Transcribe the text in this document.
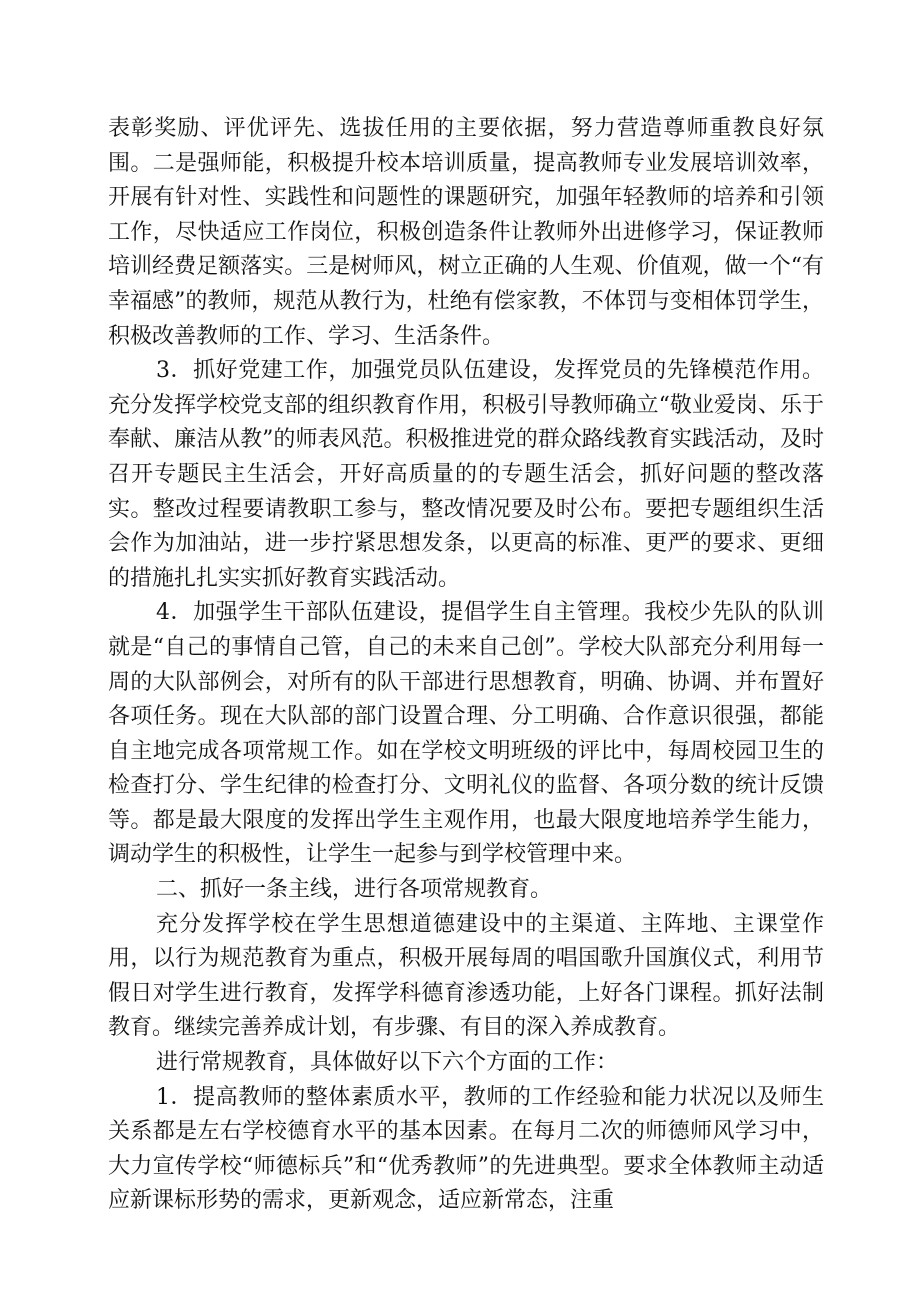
表彰奖励、评优评先、选拔任用的主要依据，努力营造尊师重教良好氛围。二是强师能，积极提升校本培训质量，提高教师专业发展培训效率，开展有针对性、实践性和问题性的课题研究，加强年轻教师的培养和引领工作，尽快适应工作岗位，积极创造条件让教师外出进修学习，保证教师培训经费足额落实。三是树师风，树立正确的人生观、价值观，做一个“有幸福感”的教师，规范从教行为，杜绝有偿家教，不体罚与变相体罚学生，积极改善教师的工作、学习、生活条件。

3．抓好党建工作，加强党员队伍建设，发挥党员的先锋模范作用。充分发挥学校党支部的组织教育作用，积极引导教师确立“敬业爱岗、乐于奉献、廉洁从教”的师表风范。积极推进党的群众路线教育实践活动，及时召开专题民主生活会，开好高质量的的专题生活会，抓好问题的整改落实。整改过程要请教职工参与，整改情况要及时公布。要把专题组织生活会作为加油站，进一步拧紧思想发条，以更高的标准、更严的要求、更细的措施扎扎实实抓好教育实践活动。

4．加强学生干部队伍建设，提倡学生自主管理。我校少先队的队训就是“自己的事情自己管，自己的未来自己创”。学校大队部充分利用每一周的大队部例会，对所有的队干部进行思想教育，明确、协调、并布置好各项任务。现在大队部的部门设置合理、分工明确、合作意识很强，都能自主地完成各项常规工作。如在学校文明班级的评比中，每周校园卫生的检查打分、学生纪律的检查打分、文明礼仪的监督、各项分数的统计反馈等。都是最大限度的发挥出学生主观作用，也最大限度地培养学生能力，调动学生的积极性，让学生一起参与到学校管理中来。

二、抓好一条主线，进行各项常规教育。

充分发挥学校在学生思想道德建设中的主渠道、主阵地、主课堂作用，以行为规范教育为重点，积极开展每周的唱国歌升国旗仪式，利用节假日对学生进行教育，发挥学科德育渗透功能，上好各门课程。抓好法制教育。继续完善养成计划，有步骤、有目的深入养成教育。

进行常规教育，具体做好以下六个方面的工作：

1．提高教师的整体素质水平，教师的工作经验和能力状况以及师生关系都是左右学校德育水平的基本因素。在每月二次的师德师风学习中，大力宣传学校“师德标兵”和“优秀教师”的先进典型。要求全体教师主动适应新课标形势的需求，更新观念，适应新常态，注重
